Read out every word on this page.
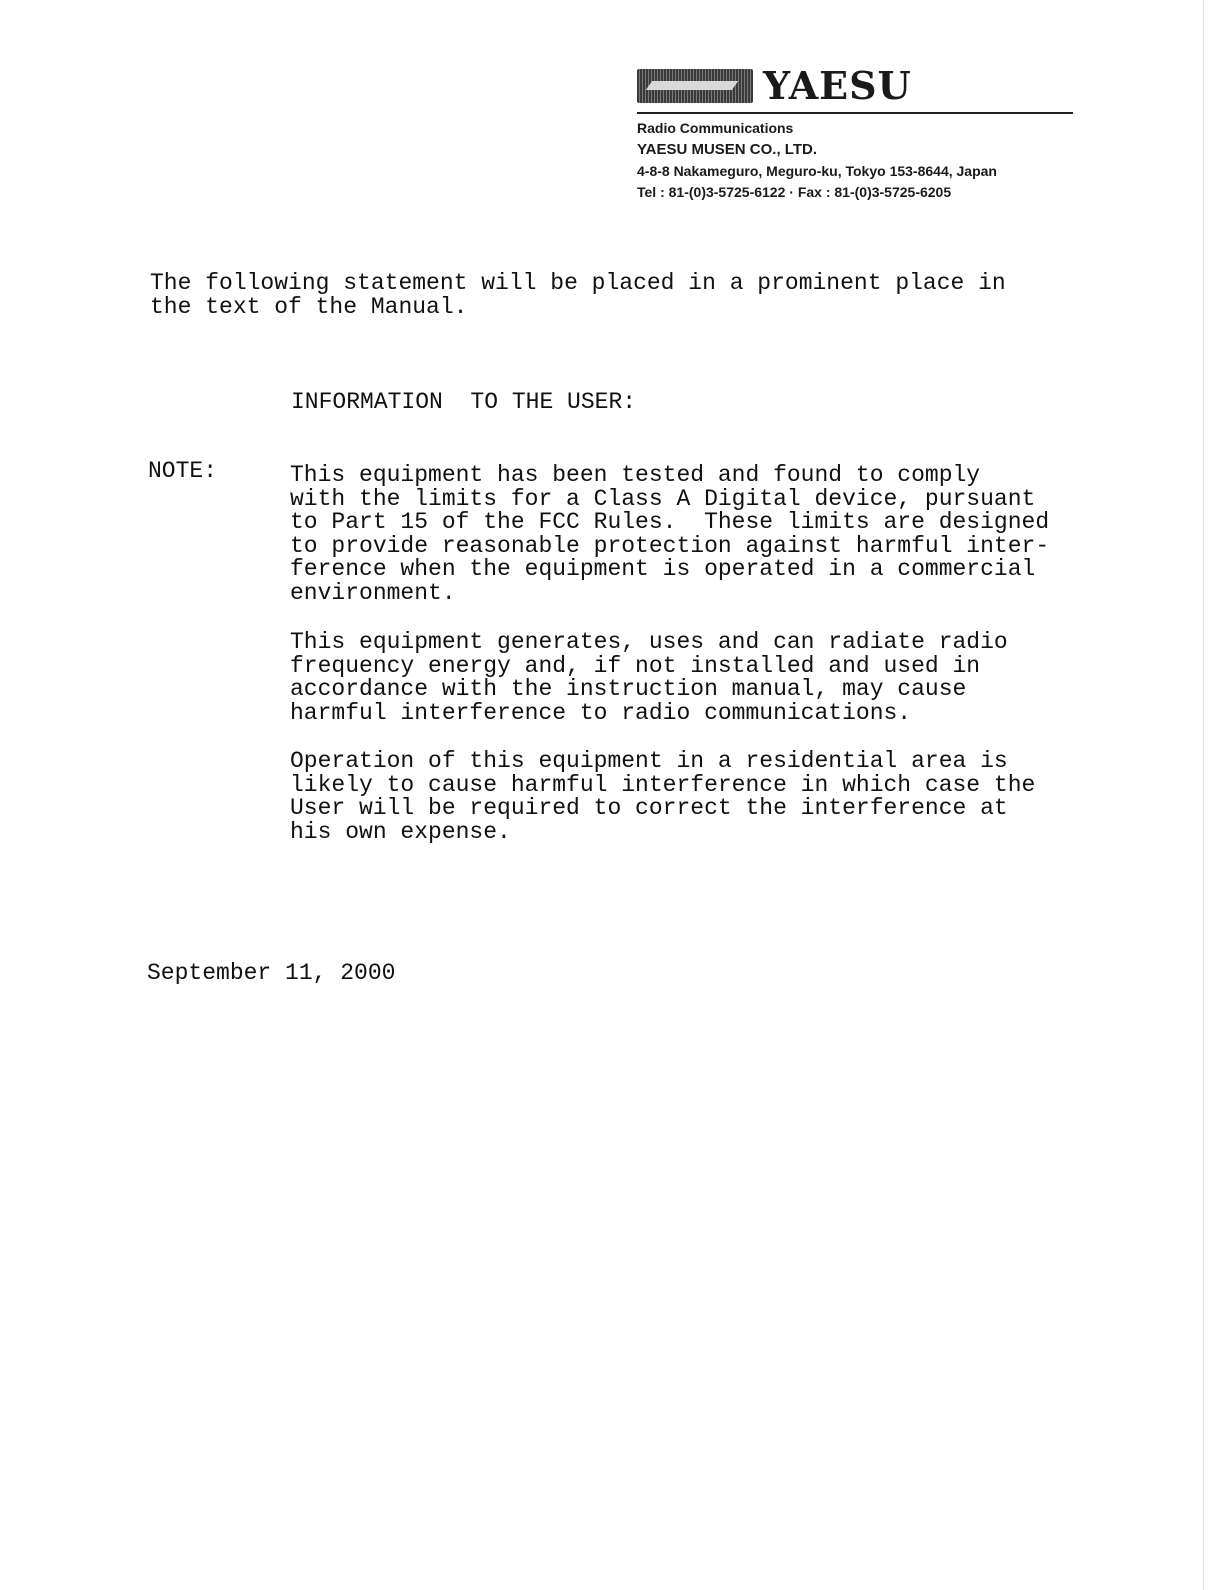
YAESU
Radio Communications
YAESU MUSEN CO., LTD.
4-8-8 Nakameguro, Meguro-ku, Tokyo 153-8644, Japan
Tel : 81-(0)3-5725-6122 · Fax : 81-(0)3-5725-6205
The following statement will be placed in a prominent place in
the text of the Manual.
INFORMATION  TO THE USER:
NOTE:	This equipment has been tested and found to comply
with the limits for a Class A Digital device, pursuant
to Part 15 of the FCC Rules.  These limits are designed
to provide reasonable protection against harmful inter-
ference when the equipment is operated in a commercial
environment.
This equipment generates, uses and can radiate radio
frequency energy and, if not installed and used in
accordance with the instruction manual, may cause
harmful interference to radio communications.
Operation of this equipment in a residential area is
likely to cause harmful interference in which case the
User will be required to correct the interference at
his own expense.
September 11, 2000
